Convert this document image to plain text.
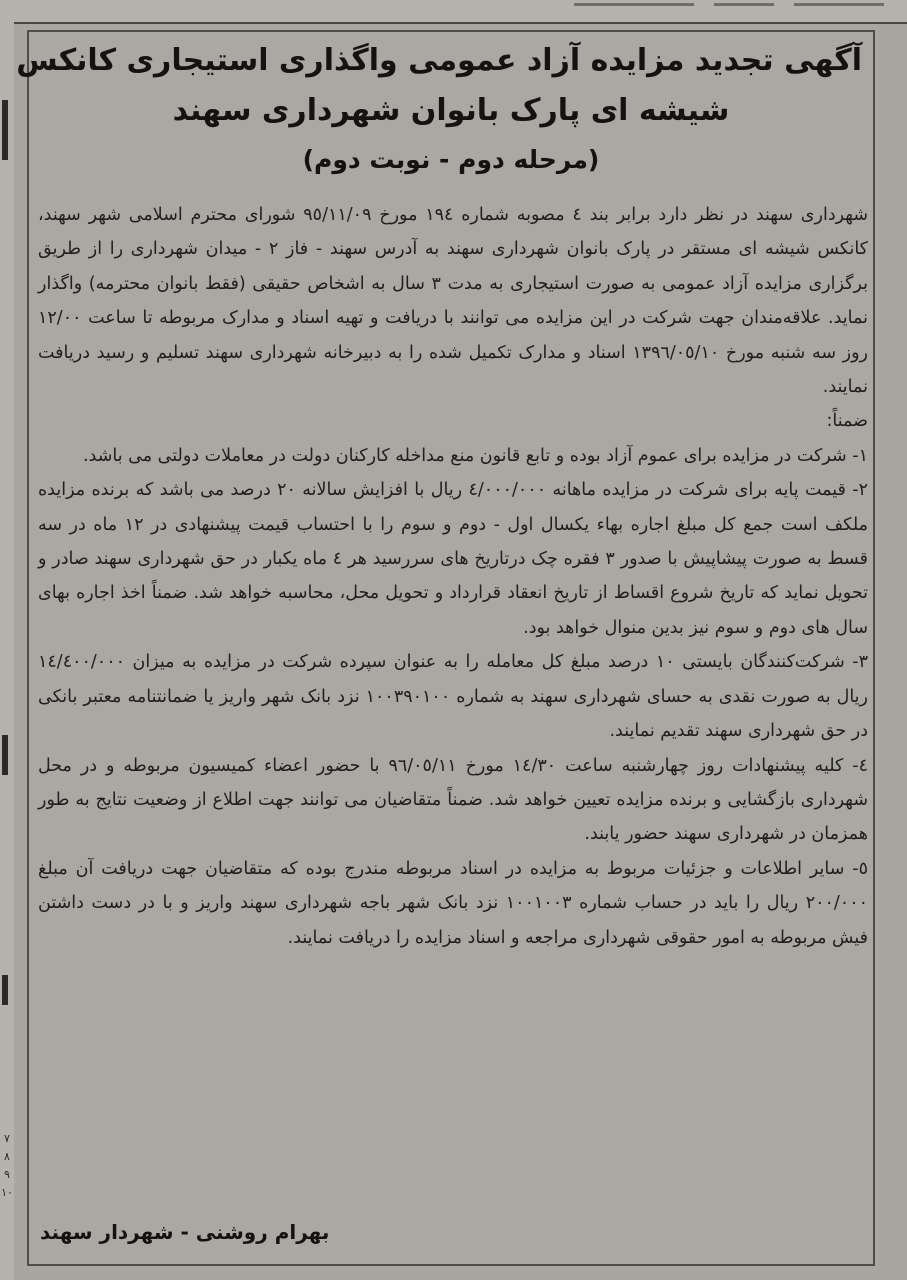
٧
٨
٩
١٠
آگهی تجدید مزایده آزاد عمومی واگذاری استیجاری کانکس
شیشه ای پارک بانوان شهرداری سهند
(مرحله دوم - نوبت دوم)

شهرداری سهند در نظر دارد برابر بند ٤ مصوبه شماره ١٩٤ مورخ ٩٥/١١/٠٩ شورای محترم اسلامی شهر سهند، کانکس شیشه ای مستقر در پارک بانوان شهرداری سهند به آدرس سهند - فاز ٢ - میدان شهرداری را از طریق برگزاری مزایده آزاد عمومی به صورت استیجاری به مدت ٣ سال به اشخاص حقیقی (فقط بانوان محترمه) واگذار نماید. علاقه‌مندان جهت شرکت در این مزایده می توانند با دریافت و تهیه اسناد و مدارک مربوطه تا ساعت ١٢/٠٠ روز سه شنبه مورخ ١٣٩٦/٠٥/١٠ اسناد و مدارک تکمیل شده را به دبیرخانه شهرداری سهند تسلیم و رسید دریافت نمایند.

ضمناً:

١- شرکت در مزایده برای عموم آزاد بوده و تابع قانون منع مداخله کارکنان دولت در معاملات دولتی می باشد.

٢- قیمت پایه برای شرکت در مزایده ماهانه ٤/٠٠٠/٠٠٠ ریال با افزایش سالانه ٢٠ درصد می باشد که برنده مزایده ملکف است جمع کل مبلغ اجاره بهاء یکسال اول - دوم و سوم را با احتساب قیمت پیشنهادی در ١٢ ماه در سه قسط به صورت پیشاپیش با صدور ٣ فقره چک درتاریخ های سررسید هر ٤ ماه یکبار در حق شهرداری سهند صادر و تحویل نماید که تاریخ شروع اقساط از تاریخ انعقاد قرارداد و تحویل محل، محاسبه خواهد شد. ضمناً اخذ اجاره بهای سال های دوم و سوم نیز بدین منوال خواهد بود.

٣- شرکت‌کنندگان بایستی ١٠ درصد مبلغ کل معامله را به عنوان سپرده شرکت در مزایده به میزان ١٤/٤٠٠/٠٠٠ ریال به صورت نقدی به حسای شهرداری سهند به شماره ١٠٠٣٩٠١٠٠ نزد بانک شهر واریز یا ضمانتنامه معتبر بانکی در حق شهرداری سهند تقدیم نمایند.

٤- کلیه پیشنهادات روز چهارشنبه ساعت ١٤/٣٠ مورخ ٩٦/٠٥/١١ با حضور اعضاء کمیسیون مربوطه و در محل شهرداری بازگشایی و برنده مزایده تعیین خواهد شد. ضمناً متقاضیان می توانند جهت اطلاع از وضعیت نتایج به طور همزمان در شهرداری سهند حضور یابند.

٥- سایر اطلاعات و جزئیات مربوط به مزایده در اسناد مربوطه مندرج بوده که متقاضیان جهت دریافت آن مبلغ ٢٠٠/٠٠٠ ریال را باید در حساب شماره ١٠٠١٠٠٣ نزد بانک شهر باجه شهرداری سهند واریز و با در دست داشتن فیش مربوطه به امور حقوقی شهرداری مراجعه و اسناد مزایده را دریافت نمایند.

بهرام روشنی - شهردار سهند
